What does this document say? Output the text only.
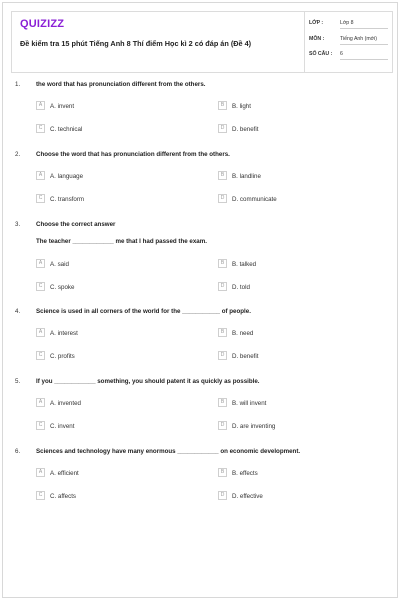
QUIZIZZ
Đề kiểm tra 15 phút Tiếng Anh 8 Thí điểm Học kì 2 có đáp án (Đề 4)
LỚP :	Lớp 8
MÔN :	Tiếng Anh (mới)
SỐ CÂU : 6
1.	the word that has pronunciation different from the others.
A	A. invent	B	B. light
C	C. technical	D	D. benefit
2.	Choose the word that has pronunciation different from the others.
A	A. language	B	B. landline
C	C. transform	D	D. communicate
3.	Choose the correct answer
The teacher ____________ me that I had passed the exam.
A	A. said	B	B. talked
C	C. spoke	D	D. told
4.	Science is used in all corners of the world for the ___________ of people.
A	A. interest	B	B. need
C	C. profits	D	D. benefit
5.	If you ____________ something, you should patent it as quickly as possible.
A	A. invented	B	B. will invent
C	C. invent	D	D. are inventing
6.	Sciences and technology have many enormous ____________ on economic development.
A	A. efficient	B	B. effects
C	C. affects	D	D. effective
